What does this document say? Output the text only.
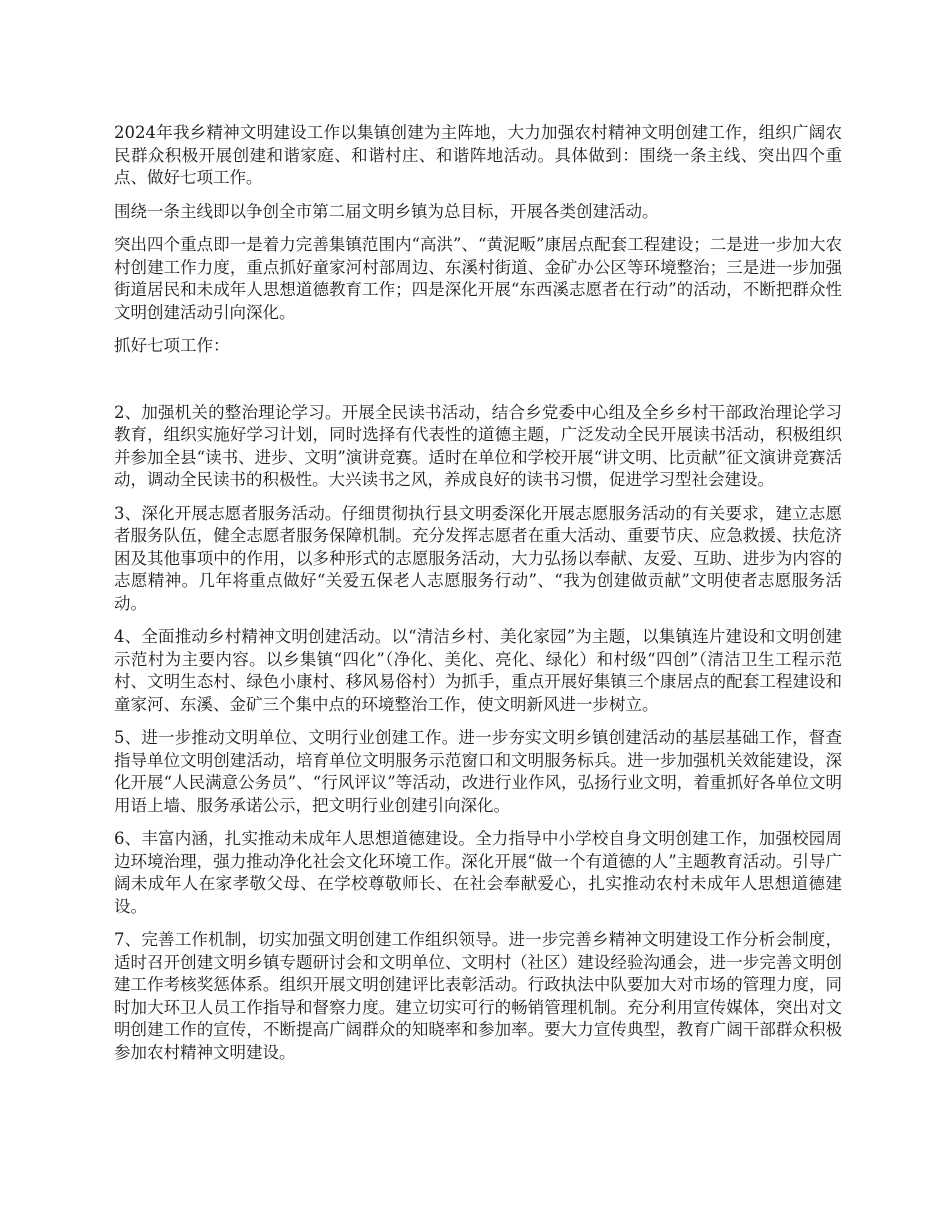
2024年我乡精神文明建设工作以集镇创建为主阵地，大力加强农村精神文明创建工作，组织广阔农民群众积极开展创建和谐家庭、和谐村庄、和谐阵地活动。具体做到：围绕一条主线、突出四个重点、做好七项工作。

围绕一条主线即以争创全市第二届文明乡镇为总目标，开展各类创建活动。

突出四个重点即一是着力完善集镇范围内“高洪”、“黄泥畈”康居点配套工程建设；二是进一步加大农村创建工作力度，重点抓好童家河村部周边、东溪村街道、金矿办公区等环境整治；三是进一步加强街道居民和未成年人思想道德教育工作；四是深化开展“东西溪志愿者在行动”的活动，不断把群众性文明创建活动引向深化。

抓好七项工作：

2、加强机关的整治理论学习。开展全民读书活动，结合乡党委中心组及全乡乡村干部政治理论学习教育，组织实施好学习计划，同时选择有代表性的道德主题，广泛发动全民开展读书活动，积极组织并参加全县“读书、进步、文明”演讲竞赛。适时在单位和学校开展“讲文明、比贡献”征文演讲竞赛活动，调动全民读书的积极性。大兴读书之风，养成良好的读书习惯，促进学习型社会建设。

3、深化开展志愿者服务活动。仔细贯彻执行县文明委深化开展志愿服务活动的有关要求，建立志愿者服务队伍，健全志愿者服务保障机制。充分发挥志愿者在重大活动、重要节庆、应急救援、扶危济困及其他事项中的作用，以多种形式的志愿服务活动，大力弘扬以奉献、友爱、互助、进步为内容的志愿精神。几年将重点做好“关爱五保老人志愿服务行动”、“我为创建做贡献”文明使者志愿服务活动。

4、全面推动乡村精神文明创建活动。以“清洁乡村、美化家园”为主题，以集镇连片建设和文明创建示范村为主要内容。以乡集镇“四化”（净化、美化、亮化、绿化）和村级“四创”（清洁卫生工程示范村、文明生态村、绿色小康村、移风易俗村）为抓手，重点开展好集镇三个康居点的配套工程建设和童家河、东溪、金矿三个集中点的环境整治工作，使文明新风进一步树立。

5、进一步推动文明单位、文明行业创建工作。进一步夯实文明乡镇创建活动的基层基础工作，督查指导单位文明创建活动，培育单位文明服务示范窗口和文明服务标兵。进一步加强机关效能建设，深化开展“人民满意公务员”、“行风评议”等活动，改进行业作风，弘扬行业文明，着重抓好各单位文明用语上墙、服务承诺公示，把文明行业创建引向深化。

6、丰富内涵，扎实推动未成年人思想道德建设。全力指导中小学校自身文明创建工作，加强校园周边环境治理，强力推动净化社会文化环境工作。深化开展“做一个有道德的人”主题教育活动。引导广阔未成年人在家孝敬父母、在学校尊敬师长、在社会奉献爱心，扎实推动农村未成年人思想道德建设。

7、完善工作机制，切实加强文明创建工作组织领导。进一步完善乡精神文明建设工作分析会制度，适时召开创建文明乡镇专题研讨会和文明单位、文明村（社区）建设经验沟通会，进一步完善文明创建工作考核奖惩体系。组织开展文明创建评比表彰活动。行政执法中队要加大对市场的管理力度，同时加大环卫人员工作指导和督察力度。建立切实可行的畅销管理机制。充分利用宣传媒体，突出对文明创建工作的宣传，不断提高广阔群众的知晓率和参加率。要大力宣传典型，教育广阔干部群众积极参加农村精神文明建设。
